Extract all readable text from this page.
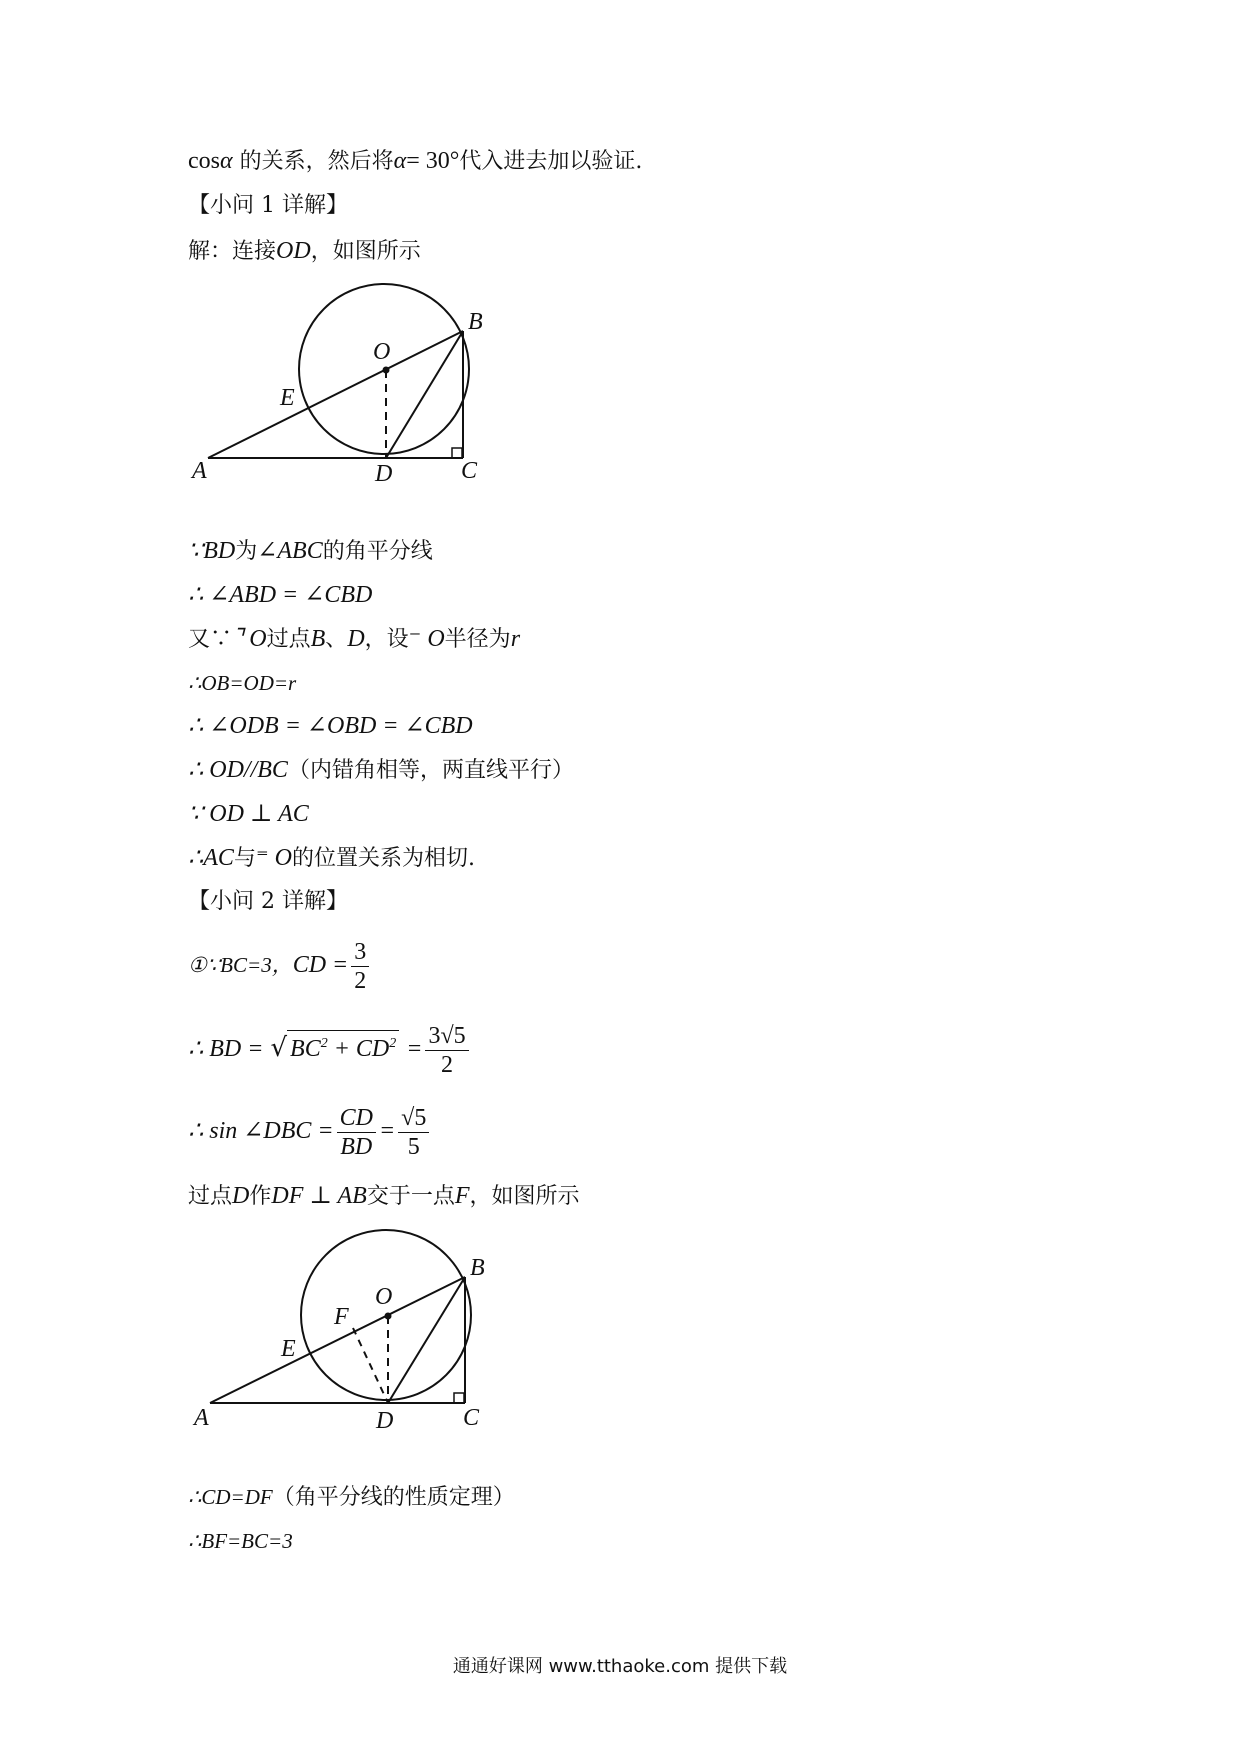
cosα 的关系，然后将α= 30°代入进去加以验证.
【小问 1 详解】
解：连接OD，如图所示
O
B
E
A	D	C
∵BD为∠ABC的角平分线
∴ ∠ABD = ∠CBD
又∵⌝ O过点B、D，设⁻ O半径为r
∴OB=OD=r
∴ ∠ODB = ∠OBD = ∠CBD
∴ OD//BC（内错角相等，两直线平行）
∵ OD ⊥ AC
∴AC与⁼ O的位置关系为相切.
【小问 2 详解】
①∵BC=3，CD = $\frac{3}{2}$
∴ BD = √ $BC^2 + CD^2 = \frac{3√5}{2}$
∴ sin ∠DBC = $\frac{CD}{BD} = \frac{√5}{5}$
过点D作DF ⊥ AB交于一点F，如图所示
O
B
F
E
A	D	C
∴CD=DF（角平分线的性质定理）
∴BF=BC=3
通通好课网 www.tthaoke.com 提供下载
